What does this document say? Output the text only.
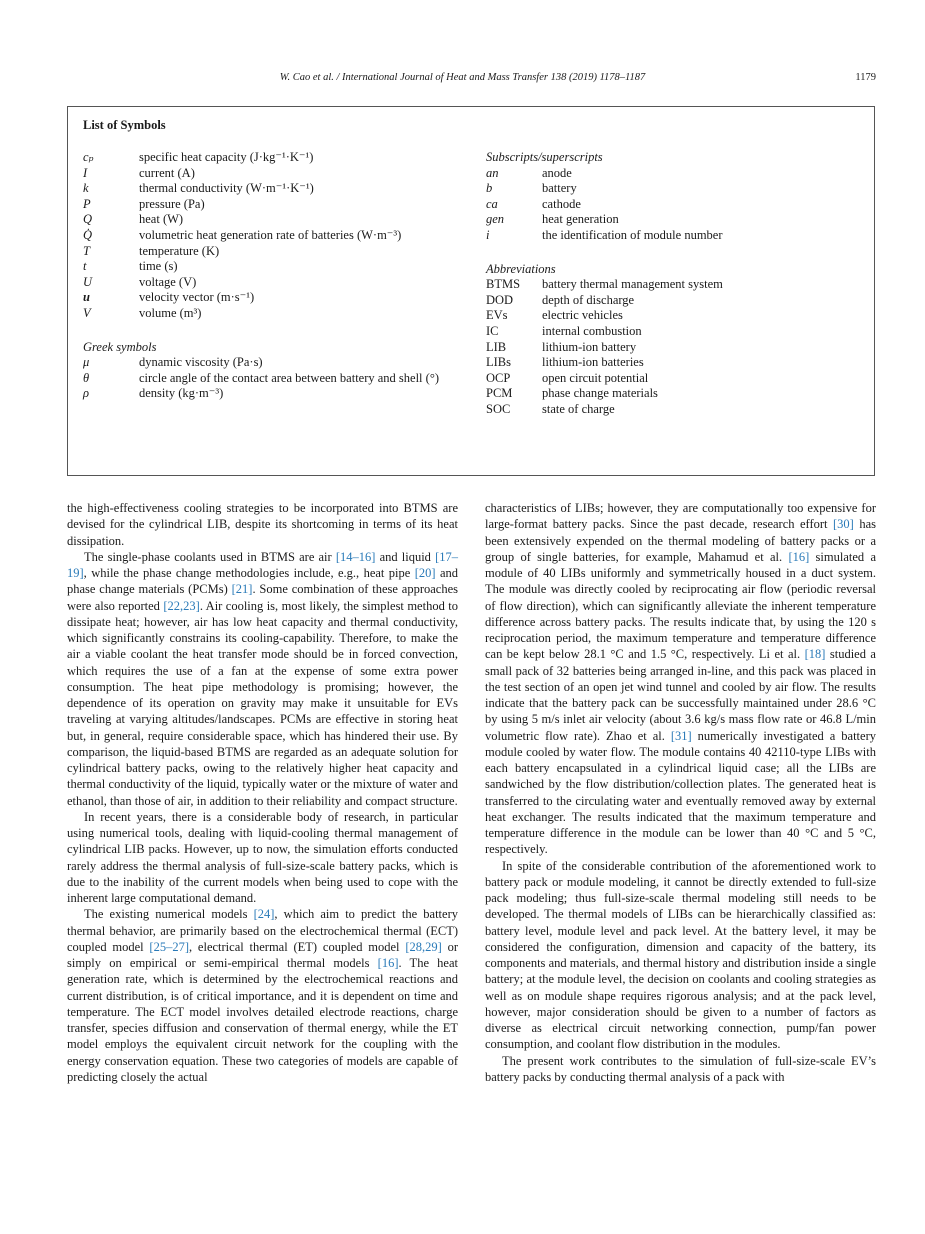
W. Cao et al. / International Journal of Heat and Mass Transfer 138 (2019) 1178–1187	1179
List of Symbols
cₚ	specific heat capacity (J·kg⁻¹·K⁻¹)
I	current (A)
k	thermal conductivity (W·m⁻¹·K⁻¹)
P	pressure (Pa)
Q	heat (W)
Q̇	volumetric heat generation rate of batteries (W·m⁻³)
T	temperature (K)
t	time (s)
U	voltage (V)
u	velocity vector (m·s⁻¹)
V	volume (m³)
Greek symbols
μ	dynamic viscosity (Pa·s)
θ	circle angle of the contact area between battery and shell (°)
ρ	density (kg·m⁻³)
Subscripts/superscripts
an	anode
b	battery
ca	cathode
gen	heat generation
i	the identification of module number
Abbreviations
BTMS	battery thermal management system
DOD	depth of discharge
EVs	electric vehicles
IC	internal combustion
LIB	lithium-ion battery
LIBs	lithium-ion batteries
OCP	open circuit potential
PCM	phase change materials
SOC	state of charge

the high-effectiveness cooling strategies to be incorporated into BTMS are devised for the cylindrical LIB, despite its shortcoming in terms of its heat dissipation.

The single-phase coolants used in BTMS are air [14–16] and liquid [17–19], while the phase change methodologies include, e.g., heat pipe [20] and phase change materials (PCMs) [21]. Some combination of these approaches were also reported [22,23]. Air cooling is, most likely, the simplest method to dissipate heat; however, air has low heat capacity and thermal conductivity, which significantly constrains its cooling-capability. Therefore, to make the air a viable coolant the heat transfer mode should be in forced convection, which requires the use of a fan at the expense of some extra power consumption. The heat pipe methodology is promising; however, the dependence of its operation on gravity may make it unsuitable for EVs traveling at varying altitudes/landscapes. PCMs are effective in storing heat but, in general, require considerable space, which has hindered their use. By comparison, the liquid-based BTMS are regarded as an adequate solution for cylindrical battery packs, owing to the relatively higher heat capacity and thermal conductivity of the liquid, typically water or the mixture of water and ethanol, than those of air, in addition to their reliability and compact structure.

In recent years, there is a considerable body of research, in particular using numerical tools, dealing with liquid-cooling thermal management of cylindrical LIB packs. However, up to now, the simulation efforts conducted rarely address the thermal analysis of full-size-scale battery packs, which is due to the inability of the current models when being used to cope with the inherent large computational demand.

The existing numerical models [24], which aim to predict the battery thermal behavior, are primarily based on the electrochemical thermal (ECT) coupled model [25–27], electrical thermal (ET) coupled model [28,29] or simply on empirical or semi-empirical thermal models [16]. The heat generation rate, which is determined by the electrochemical reactions and current distribution, is of critical importance, and it is dependent on time and temperature. The ECT model involves detailed electrode reactions, charge transfer, species diffusion and conservation of thermal energy, while the ET model employs the equivalent circuit network for the coupling with the energy conservation equation. These two categories of models are capable of predicting closely the actual

characteristics of LIBs; however, they are computationally too expensive for large-format battery packs. Since the past decade, research effort [30] has been extensively expended on the thermal modeling of battery packs or a group of single batteries, for example, Mahamud et al. [16] simulated a module of 40 LIBs uniformly and symmetrically housed in a duct system. The module was directly cooled by reciprocating air flow (periodic reversal of flow direction), which can significantly alleviate the inherent temperature difference across battery packs. The results indicate that, by using the 120 s reciprocation period, the maximum temperature and temperature difference can be kept below 28.1 °C and 1.5 °C, respectively. Li et al. [18] studied a small pack of 32 batteries being arranged in-line, and this pack was placed in the test section of an open jet wind tunnel and cooled by air flow. The results indicate that the battery pack can be successfully maintained under 28.6 °C by using 5 m/s inlet air velocity (about 3.6 kg/s mass flow rate or 46.8 L/min volumetric flow rate). Zhao et al. [31] numerically investigated a battery module cooled by water flow. The module contains 40 42110-type LIBs with each battery encapsulated in a cylindrical liquid case; all the LIBs are sandwiched by the flow distribution/collection plates. The generated heat is transferred to the circulating water and eventually removed away by external heat exchanger. The results indicated that the maximum temperature and temperature difference in the module can be lower than 40 °C and 5 °C, respectively.

In spite of the considerable contribution of the aforementioned work to battery pack or module modeling, it cannot be directly extended to full-size pack modeling; thus full-size-scale thermal modeling still needs to be developed. The thermal models of LIBs can be hierarchically classified as: battery level, module level and pack level. At the battery level, it may be considered the configuration, dimension and capacity of the battery, its components and materials, and thermal history and distribution inside a single battery; at the module level, the decision on coolants and cooling strategies as well as on module shape requires rigorous analysis; and at the pack level, however, major consideration should be given to a number of factors as diverse as electrical circuit networking connection, pump/fan power consumption, and coolant flow distribution in the modules.

The present work contributes to the simulation of full-size-scale EV’s battery packs by conducting thermal analysis of a pack with
